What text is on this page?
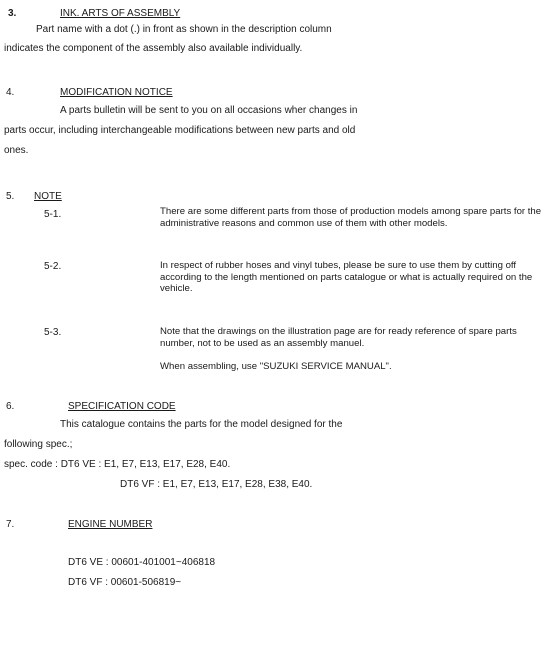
3.	INK. ARTS OF ASSEMBLY
Part name with a dot (.) in front as shown in the description column
indicates the component of the assembly also available individually.
4.	MODIFICATION NOTICE
A parts bulletin will be sent to you on all occasions wher changes in
parts occur, including interchangeable modifications between new parts and old
ones.
5. NOTE
5-1.	There are some different parts from those of production models among spare parts for the administrative reasons and common use of them with other models.
5-2.	In respect of rubber hoses and vinyl tubes, please be sure to use them by cutting off according to the length mentioned on parts catalogue or what is actually required on the vehicle.
5-3.	Note that the drawings on the illustration page are for ready reference of spare parts number, not to be used as an assembly manuel.
When assembling, use "SUZUKI SERVICE MANUAL".
6.	SPECIFICATION CODE
This catalogue contains the parts for the model designed for the
following spec.;
spec. code : DT6 VE : E1, E7, E13, E17, E28, E40.
DT6 VF : E1, E7, E13, E17, E28, E38, E40.
7.	ENGINE NUMBER
DT6 VE : 00601-401001~406818
DT6 VF : 00601-506819~
